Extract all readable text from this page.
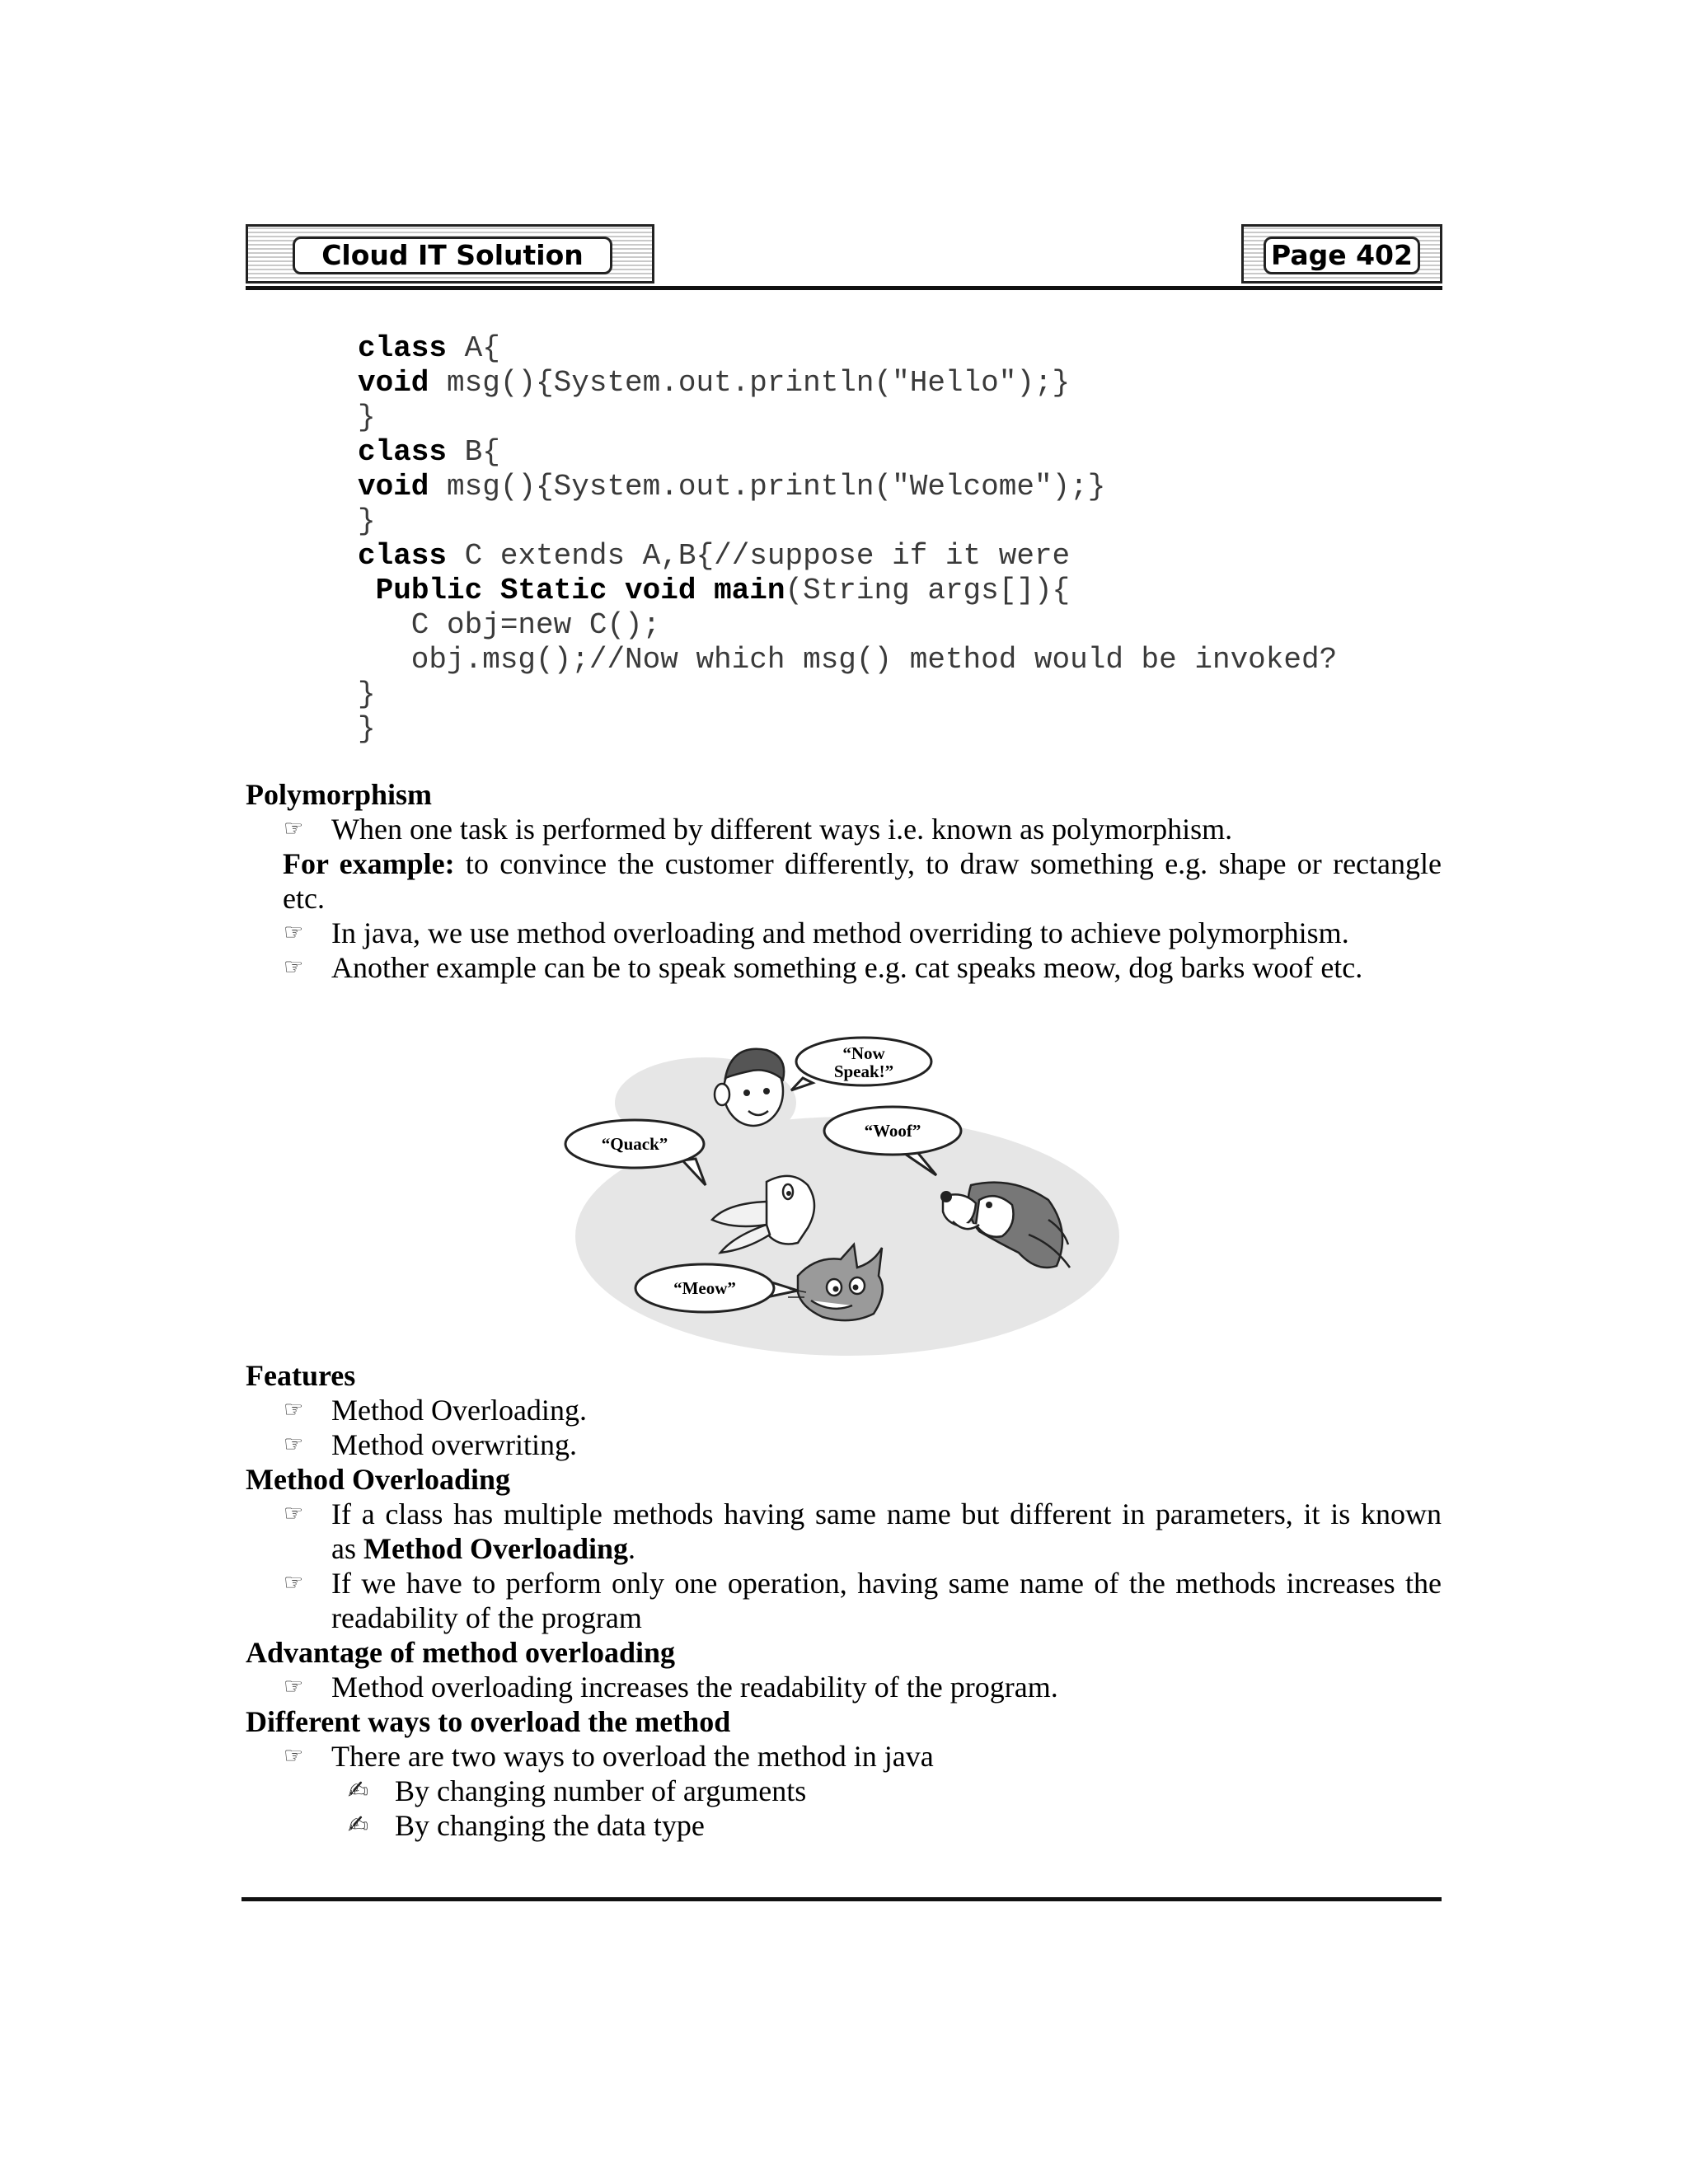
Cloud IT Solution	Page 402
class A{
void msg(){System.out.println("Hello");}
}
class B{
void msg(){System.out.println("Welcome");}
}
class C extends A,B{//suppose if it were
Public Static void main(String args[]){
C obj=new C();
obj.msg();//Now which msg() method would be invoked?
}
}
Polymorphism
☞ When one task is performed by different ways i.e. known as polymorphism.
For example: to convince the customer differently, to draw something e.g. shape or rectangle
etc.
☞ In java, we use method overloading and method overriding to achieve polymorphism.
☞ Another example can be to speak something e.g. cat speaks meow, dog barks woof etc.
“Now
Speak!”
“Quack”
“Woof”
“Meow”
Features
☞ Method Overloading.
☞ Method overwriting.
Method Overloading
☞ If a class has multiple methods having same name but different in parameters, it is known
as Method Overloading.
☞ If we have to perform only one operation, having same name of the methods increases the
readability of the program
Advantage of method overloading
☞ Method overloading increases the readability of the program.
Different ways to overload the method
☞ There are two ways to overload the method in java
✍ By changing number of arguments
✍ By changing the data type
